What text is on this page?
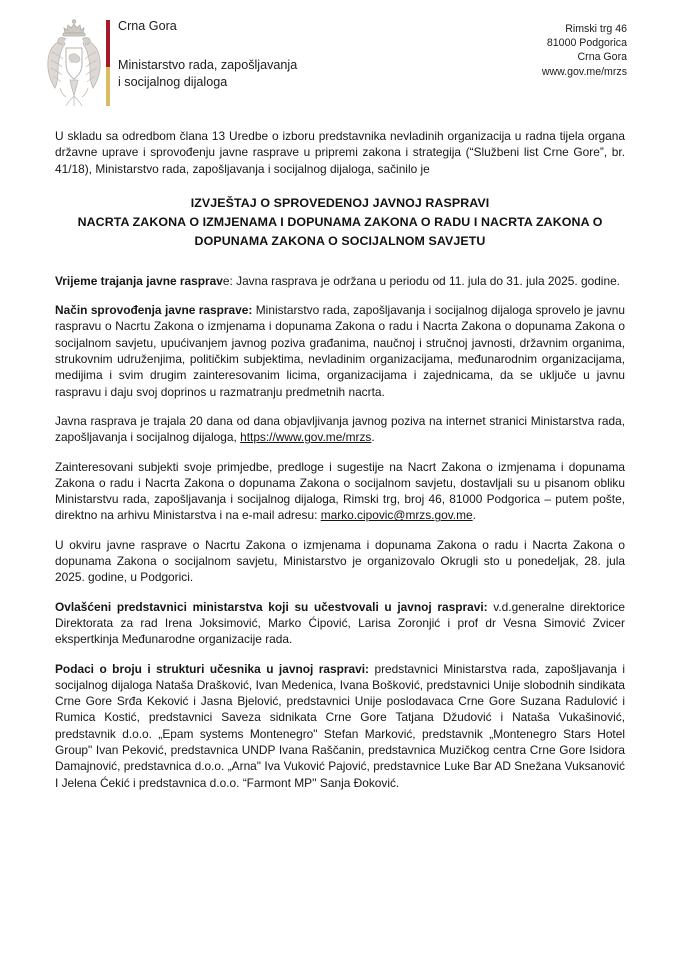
Crna Gora
Ministarstvo rada, zapošljavanja
i socijalnog dijaloga
Rimski trg 46
81000 Podgorica
Crna Gora
www.gov.me/mrzs

U skladu sa odredbom člana 13 Uredbe o izboru predstavnika nevladinih organizacija u radna tijela organa državne uprave i sprovođenju javne rasprave u pripremi zakona i strategija (“Službeni list Crne Gore”, br. 41/18), Ministarstvo rada, zapošljavanja i socijalnog dijaloga, sačinilo je

IZVJEŠTAJ O SPROVEDENOJ JAVNOJ RASPRAVI
NACRTA ZAKONA O IZMJENAMA I DOPUNAMA ZAKONA O RADU I NACRTA ZAKONA O
DOPUNAMA ZAKONA O SOCIJALNOM SAVJETU

Vrijeme trajanja javne rasprave: Javna rasprava je održana u periodu od 11. jula do 31. jula 2025. godine.

Način sprovođenja javne rasprave: Ministarstvo rada, zapošljavanja i socijalnog dijaloga sprovelo je javnu raspravu o Nacrtu Zakona o izmjenama i dopunama Zakona o radu i Nacrta Zakona o dopunama Zakona o socijalnom savjetu, upućivanjem javnog poziva građanima, naučnoj i stručnoj javnosti, državnim organima, strukovnim udruženjima, političkim subjektima, nevladinim organizacijama, međunarodnim organizacijama, medijima i svim drugim zainteresovanim licima, organizacijama i zajednicama, da se uključe u javnu raspravu i daju svoj doprinos u razmatranju predmetnih nacrta.

Javna rasprava je trajala 20 dana od dana objavljivanja javnog poziva na internet stranici Ministarstva rada, zapošljavanja i socijalnog dijaloga, https://www.gov.me/mrzs.

Zainteresovani subjekti svoje primjedbe, predloge i sugestije na Nacrt Zakona o izmjenama i dopunama Zakona o radu i Nacrta Zakona o dopunama Zakona o socijalnom savjetu, dostavljali su u pisanom obliku Ministarstvu rada, zapošljavanja i socijalnog dijaloga, Rimski trg, broj 46, 81000 Podgorica – putem pošte, direktno na arhivu Ministarstva i na e-mail adresu: marko.cipovic@mrzs.gov.me.

U okviru javne rasprave o Nacrtu Zakona o izmjenama i dopunama Zakona o radu i Nacrta Zakona o dopunama Zakona o socijalnom savjetu, Ministarstvo je organizovalo Okrugli sto u ponedeljak, 28. jula 2025. godine, u Podgorici.

Ovlašćeni predstavnici ministarstva koji su učestvovali u javnoj raspravi: v.d.generalne direktorice Direktorata za rad Irena Joksimović, Marko Ćipović, Larisa Zoronjić i prof dr Vesna Simović Zvicer ekspertkinja Međunarodne organizacije rada.

Podaci o broju i strukturi učesnika u javnoj raspravi: predstavnici Ministarstva rada, zapošljavanja i socijalnog dijaloga Nataša Drašković, Ivan Medenica, Ivana Bošković, predstavnici Unije slobodnih sindikata Crne Gore Srđa Keković i Jasna Bjelović, predstavnici Unije poslodavaca Crne Gore Suzana Radulović i Rumica Kostić, predstavnici Saveza sidnikata Crne Gore Tatjana Džudović i Nataša Vukašinović, predstavnik d.o.o. „Epam systems Montenegro" Stefan Marković, predstavnik „Montenegro Stars Hotel Group" Ivan Peković, predstavnica UNDP Ivana Raščanin, predstavnica Muzičkog centra Crne Gore Isidora Damajnović, predstavnica d.o.o. „Arna" Iva Vuković Pajović, predstavnice Luke Bar AD Snežana Vuksanović I Jelena Ćekić i predstavnica d.o.o. “Farmont MP'' Sanja Đoković.
